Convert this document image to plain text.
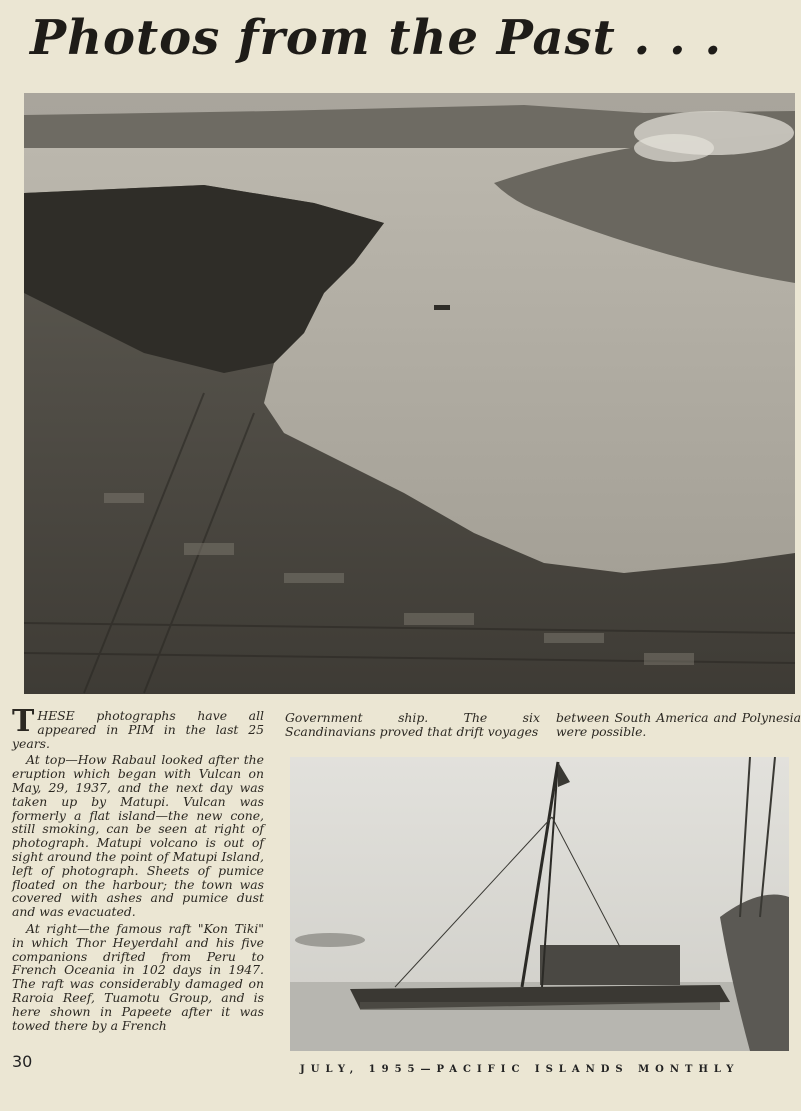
Photos from the Past . . .

THESE photographs have all appeared in PIM in the last 25 years.

At top—How Rabaul looked after the eruption which began with Vulcan on May, 29, 1937, and the next day was taken up by Matupi. Vulcan was formerly a flat island—the new cone, still smoking, can be seen at right of photograph. Matupi volcano is out of sight around the point of Matupi Island, left of photograph. Sheets of pumice floated on the harbour; the town was covered with ashes and pumice dust and was evacuated.

At right—the famous raft "Kon Tiki" in which Thor Heyerdahl and his five companions drifted from Peru to French Oceania in 102 days in 1947. The raft was considerably damaged on Raroia Reef, Tuamotu Group, and is here shown in Papeete after it was towed there by a French

Government ship. The six Scandinavians proved that drift voyages

between South America and Polynesia were possible.

30	JULY, 1955—PACIFIC ISLANDS MONTHLY
